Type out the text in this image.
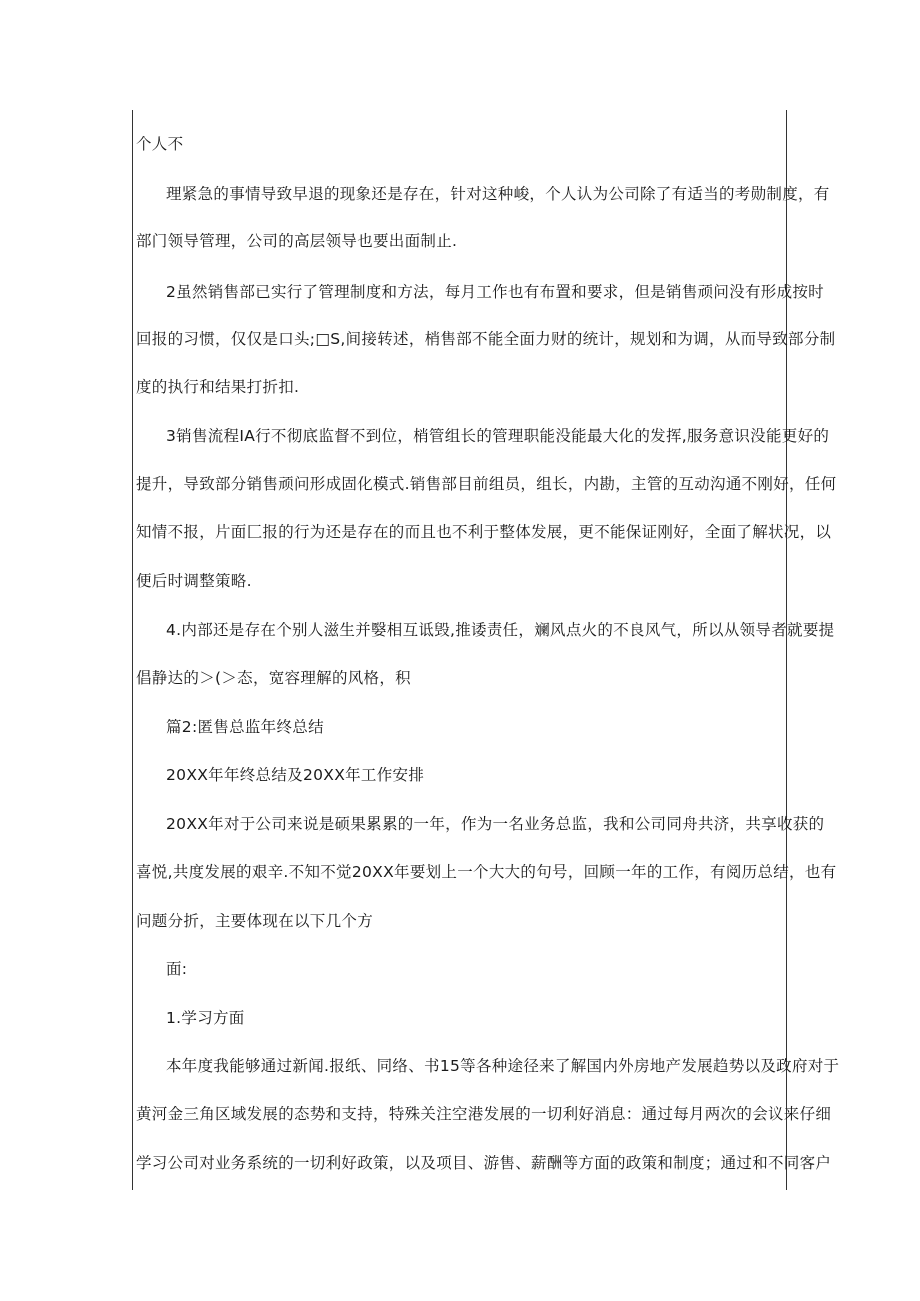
个人不
理紧急的事情导致早退的现象还是存在，针对这种峻，个人认为公司除了有适当的考勋制度，有
部门领导管理，公司的高层领导也要出面制止.
2虽然销售部已实行了管理制度和方法，每月工作也有布置和要求，但是销售顽问没有形成按时
回报的习惯，仅仅是口头;□S,间接转述，梢售部不能全面力财的统计，规划和为调，从而导致部分制
度的执行和结果打折扣.
3销售流程IA行不彻底监督不到位，梢管组长的管理职能没能最大化的发挥,服务意识没能更好的
提升，导致部分销售顽问形成固化模式.销售部目前组员，组长，内勘，主管的互动沟通不刚好，任何
知情不报，片面匚报的行为还是存在的而且也不利于整体发展，更不能保证刚好，全面了解状况，以
便后时调整策略.
4.内部还是存在个别人滋生并嫛相互诋毁,推诿责任，斓风点火的不良风气，所以从领导者就要提
倡静达的＞(＞态，宽容理解的风格，积
篇2:匿售总监年终总结
20XX年年终总结及20XX年工作安排
20XX年对于公司来说是硕果累累的一年，作为一名业务总监，我和公司同舟共济，共享收获的
喜悦,共度发展的艰辛.不知不觉20XX年要划上一个大大的句号，回顾一年的工作，有阅历总结，也有
问题分折，主要体现在以下几个方
面:
1.学习方面
本年度我能够通过新闻.报纸、同络、书15等各种途径来了解国内外房地产发展趋势以及政府对于
黄河金三角区域发展的态势和支持，特殊关注空港发展的一切利好消息：通过每月两次的会议来仔细
学习公司对业务系统的一切利好政策，以及项目、游售、薪酬等方面的政策和制度；通过和不同客户
